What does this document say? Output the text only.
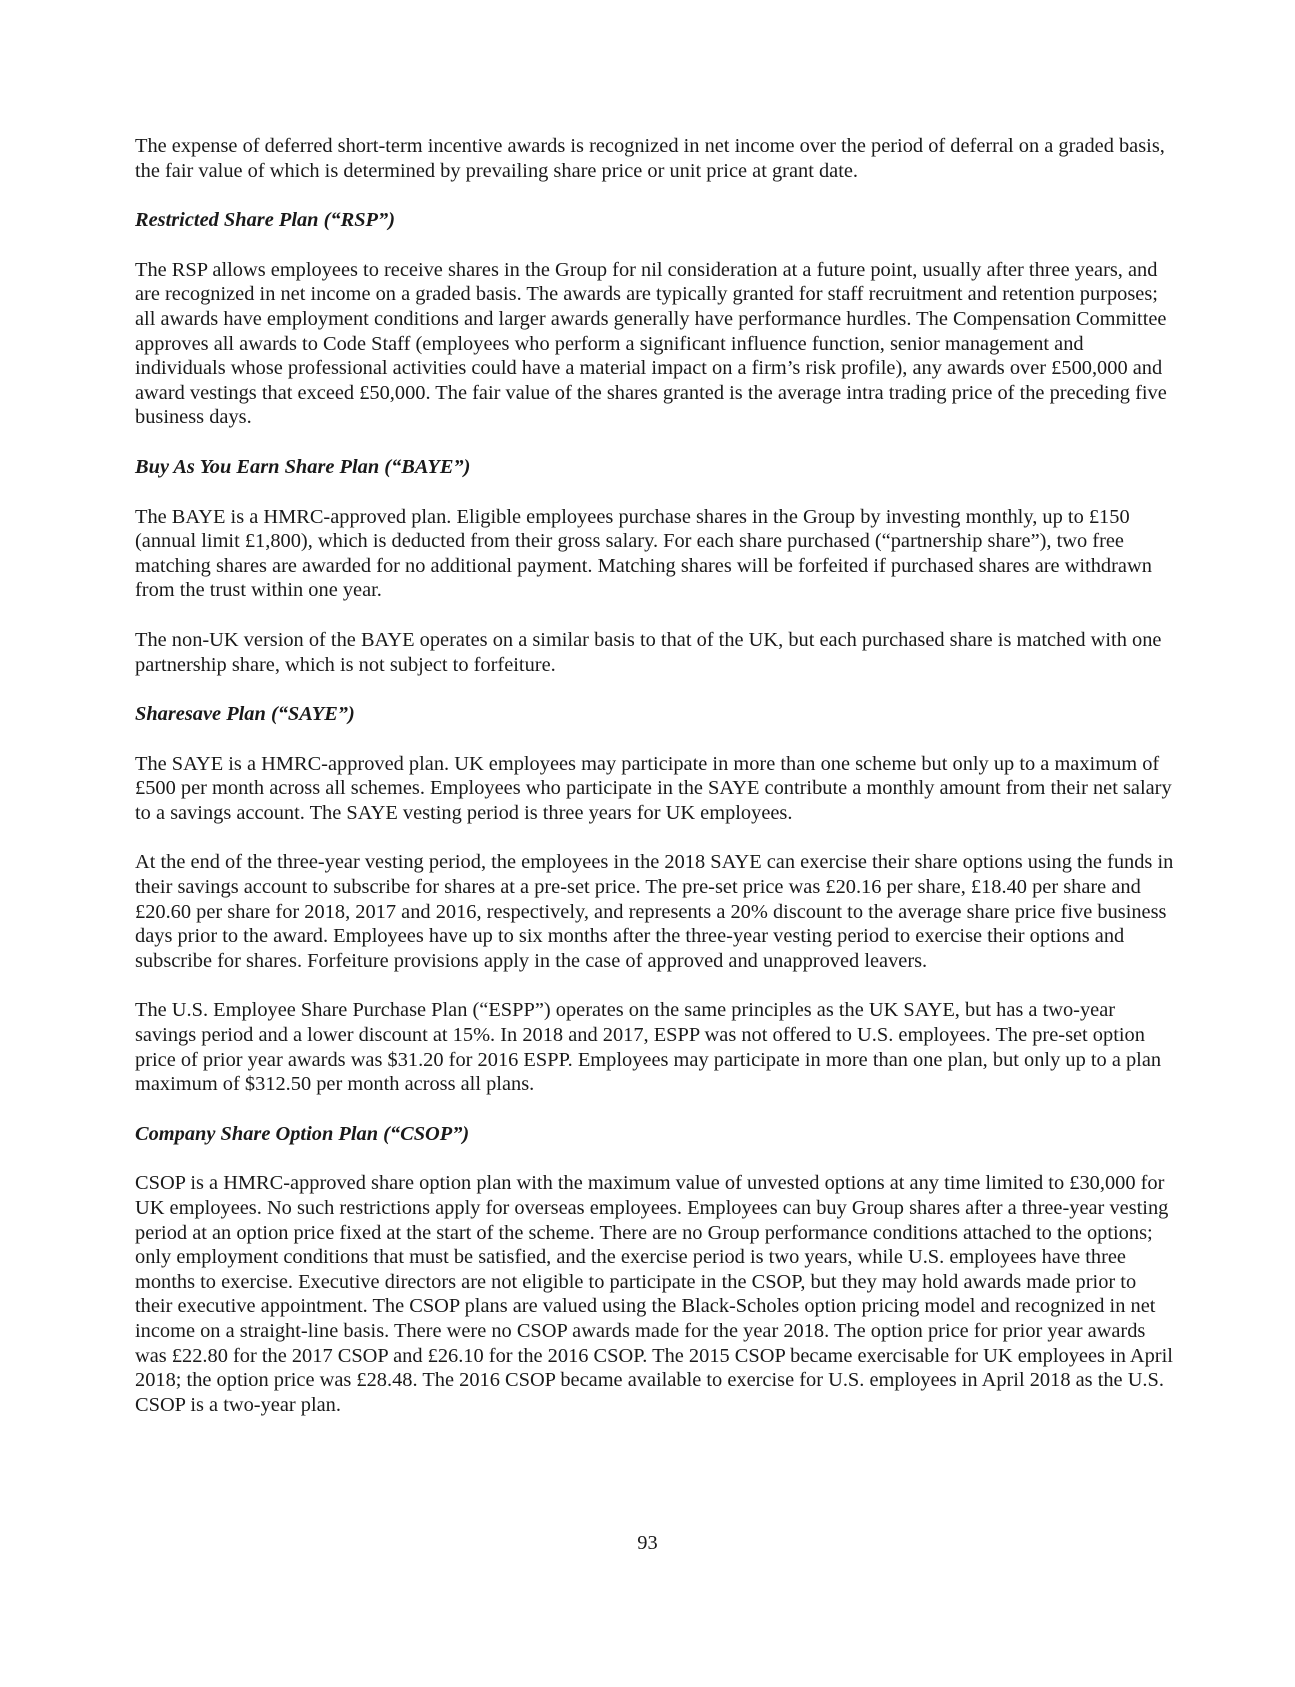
The expense of deferred short-term incentive awards is recognized in net income over the period of deferral on a graded basis, the fair value of which is determined by prevailing share price or unit price at grant date.

Restricted Share Plan (“RSP”)

The RSP allows employees to receive shares in the Group for nil consideration at a future point, usually after three years, and are recognized in net income on a graded basis. The awards are typically granted for staff recruitment and retention purposes; all awards have employment conditions and larger awards generally have performance hurdles. The Compensation Committee approves all awards to Code Staff (employees who perform a significant influence function, senior management and individuals whose professional activities could have a material impact on a firm’s risk profile), any awards over £500,000 and award vestings that exceed £50,000. The fair value of the shares granted is the average intra trading price of the preceding five business days.

Buy As You Earn Share Plan (“BAYE”)

The BAYE is a HMRC-approved plan. Eligible employees purchase shares in the Group by investing monthly, up to £150 (annual limit £1,800), which is deducted from their gross salary. For each share purchased (“partnership share”), two free matching shares are awarded for no additional payment. Matching shares will be forfeited if purchased shares are withdrawn from the trust within one year.

The non-UK version of the BAYE operates on a similar basis to that of the UK, but each purchased share is matched with one partnership share, which is not subject to forfeiture.

Sharesave Plan (“SAYE”)

The SAYE is a HMRC-approved plan. UK employees may participate in more than one scheme but only up to a maximum of £500 per month across all schemes. Employees who participate in the SAYE contribute a monthly amount from their net salary to a savings account. The SAYE vesting period is three years for UK employees.

At the end of the three-year vesting period, the employees in the 2018 SAYE can exercise their share options using the funds in their savings account to subscribe for shares at a pre-set price. The pre-set price was £20.16 per share, £18.40 per share and £20.60 per share for 2018, 2017 and 2016, respectively, and represents a 20% discount to the average share price five business days prior to the award. Employees have up to six months after the three-year vesting period to exercise their options and subscribe for shares. Forfeiture provisions apply in the case of approved and unapproved leavers.

The U.S. Employee Share Purchase Plan (“ESPP”) operates on the same principles as the UK SAYE, but has a two-year savings period and a lower discount at 15%. In 2018 and 2017, ESPP was not offered to U.S. employees. The pre-set option price of prior year awards was $31.20 for 2016 ESPP. Employees may participate in more than one plan, but only up to a plan maximum of $312.50 per month across all plans.

Company Share Option Plan (“CSOP”)

CSOP is a HMRC-approved share option plan with the maximum value of unvested options at any time limited to £30,000 for UK employees. No such restrictions apply for overseas employees. Employees can buy Group shares after a three-year vesting period at an option price fixed at the start of the scheme. There are no Group performance conditions attached to the options; only employment conditions that must be satisfied, and the exercise period is two years, while U.S. employees have three months to exercise. Executive directors are not eligible to participate in the CSOP, but they may hold awards made prior to their executive appointment. The CSOP plans are valued using the Black-Scholes option pricing model and recognized in net income on a straight-line basis. There were no CSOP awards made for the year 2018. The option price for prior year awards was £22.80 for the 2017 CSOP and £26.10 for the 2016 CSOP. The 2015 CSOP became exercisable for UK employees in April 2018; the option price was £28.48. The 2016 CSOP became available to exercise for U.S. employees in April 2018 as the U.S. CSOP is a two-year plan.

93
